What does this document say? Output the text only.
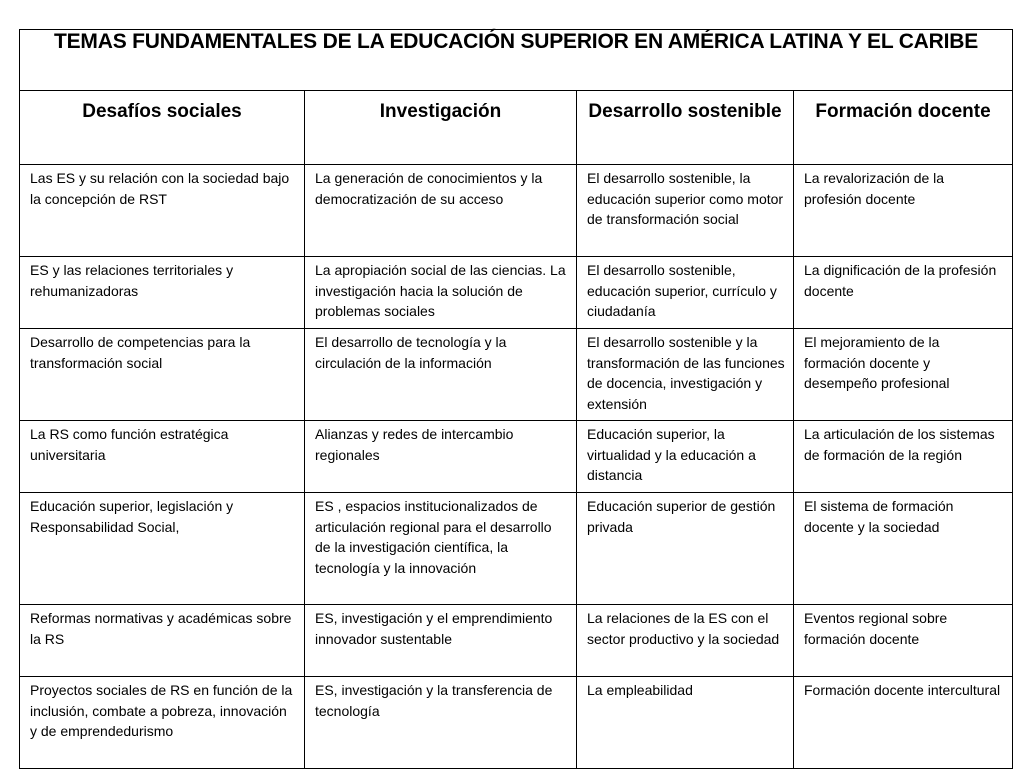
TEMAS FUNDAMENTALES DE LA EDUCACIÓN SUPERIOR EN AMÉRICA LATINA Y EL CARIBE			
Desafíos sociales	Investigación	Desarrollo sostenible	Formación docente
Las ES y su relación con la sociedad bajo la concepción de RST	La generación de conocimientos y la democratización de su acceso	El desarrollo sostenible, la educación superior como motor de transformación social	La revalorización de la profesión docente
ES y las relaciones territoriales y rehumanizadoras	La apropiación social de las ciencias. La investigación hacia la solución de problemas sociales	El desarrollo sostenible, educación superior, currículo y ciudadanía	La dignificación de la profesión docente
Desarrollo de competencias para la transformación social	El desarrollo de tecnología y la circulación de la información	El desarrollo sostenible y la transformación de las funciones de docencia, investigación y extensión	El mejoramiento de la formación docente y desempeño profesional
La RS como función estratégica universitaria	Alianzas y redes de intercambio regionales	Educación superior, la virtualidad y la educación a distancia	La articulación de los sistemas de formación de la región
Educación superior, legislación y Responsabilidad Social,	ES , espacios institucionalizados de articulación regional para el desarrollo de la investigación científica, la tecnología y la innovación	Educación superior de gestión privada	El sistema de formación docente y la sociedad
Reformas normativas y académicas sobre la RS	ES, investigación y el emprendimiento innovador sustentable	La relaciones de la ES con el sector productivo y la sociedad	Eventos regional sobre formación docente
Proyectos sociales de RS en función de la inclusión, combate a pobreza, innovación y de emprendedurismo	ES, investigación y la transferencia de tecnología	La empleabilidad	Formación docente intercultural
